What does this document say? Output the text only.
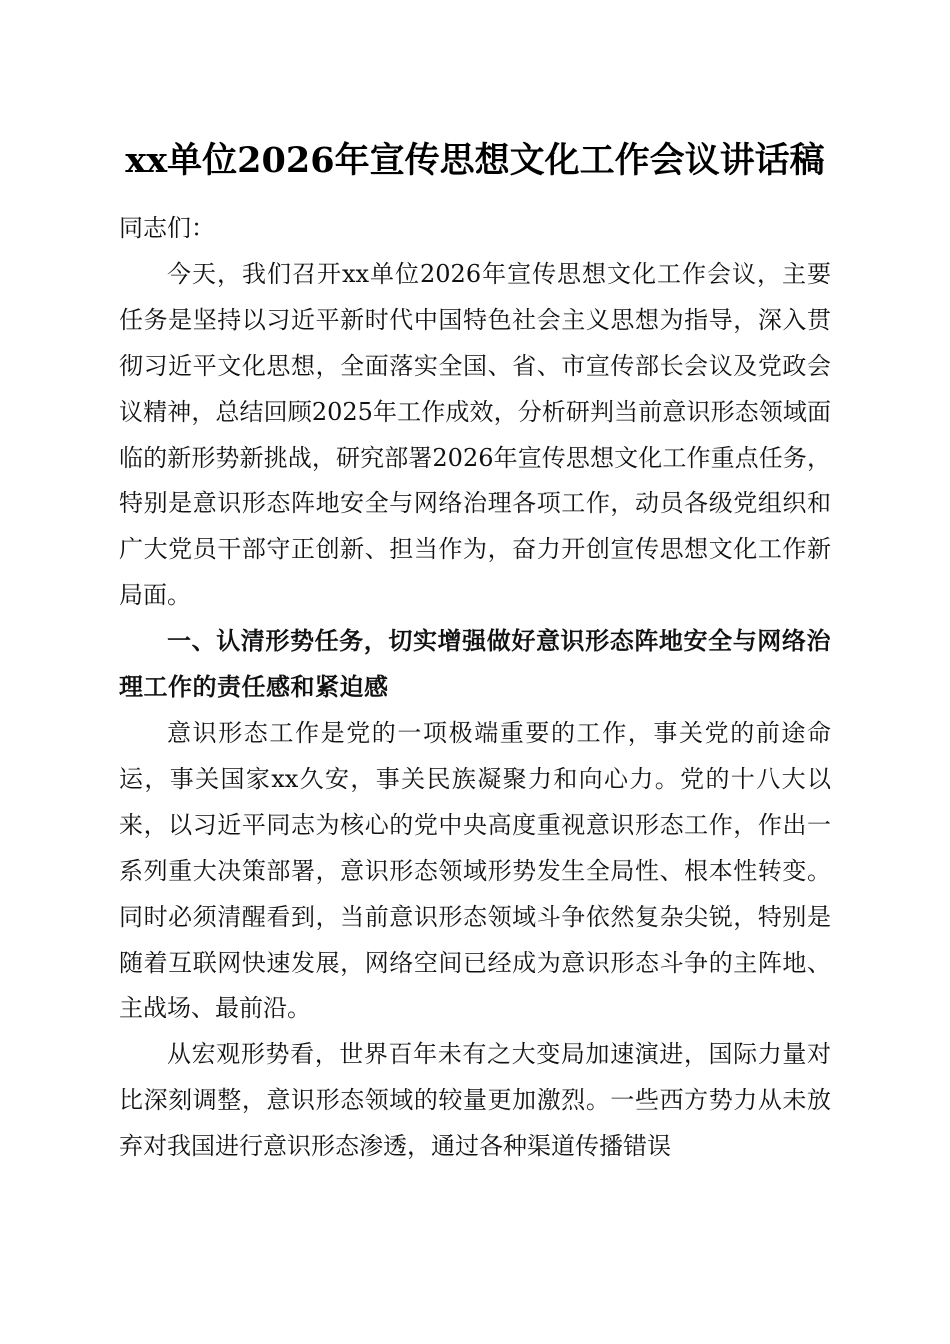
xx单位2026年宣传思想文化工作会议讲话稿

同志们：

今天，我们召开xx单位2026年宣传思想文化工作会议，主要任务是坚持以习近平新时代中国特色社会主义思想为指导，深入贯彻习近平文化思想，全面落实全国、省、市宣传部长会议及党政会议精神，总结回顾2025年工作成效，分析研判当前意识形态领域面临的新形势新挑战，研究部署2026年宣传思想文化工作重点任务，特别是意识形态阵地安全与网络治理各项工作，动员各级党组织和广大党员干部守正创新、担当作为，奋力开创宣传思想文化工作新局面。

一、认清形势任务，切实增强做好意识形态阵地安全与网络治理工作的责任感和紧迫感

意识形态工作是党的一项极端重要的工作，事关党的前途命运，事关国家xx久安，事关民族凝聚力和向心力。党的十八大以来，以习近平同志为核心的党中央高度重视意识形态工作，作出一系列重大决策部署，意识形态领域形势发生全局性、根本性转变。同时必须清醒看到，当前意识形态领域斗争依然复杂尖锐，特别是随着互联网快速发展，网络空间已经成为意识形态斗争的主阵地、主战场、最前沿。

从宏观形势看，世界百年未有之大变局加速演进，国际力量对比深刻调整，意识形态领域的较量更加激烈。一些西方势力从未放弃对我国进行意识形态渗透，通过各种渠道传播错误
